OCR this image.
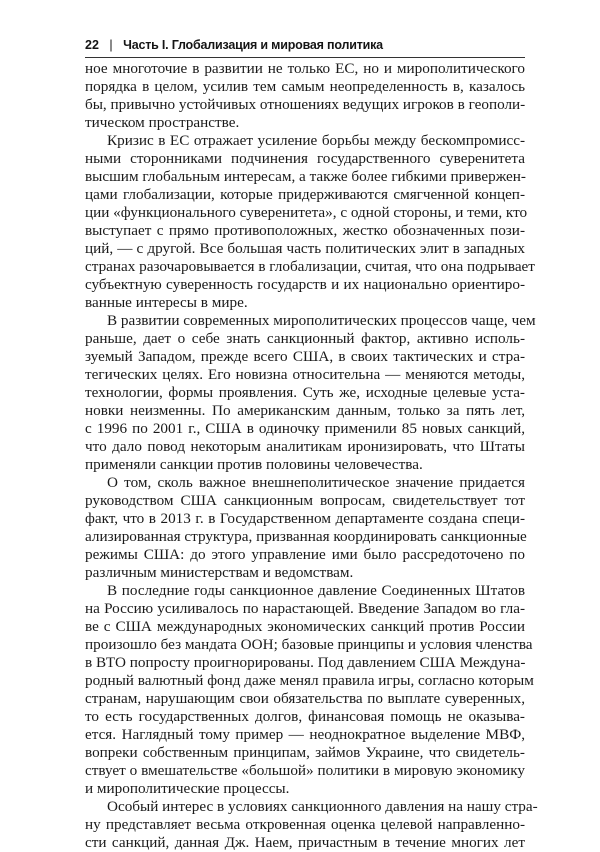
22 | Часть I. Глобализация и мировая политика

ное многоточие в развитии не только ЕС, но и мирополитического
порядка в целом, усилив тем самым неопределенность в, казалось
бы, привычно устойчивых отношениях ведущих игроков в геополи-
тическом пространстве.

Кризис в ЕС отражает усиление борьбы между бескомпромисс-
ными сторонниками подчинения государственного суверенитета
высшим глобальным интересам, а также более гибкими привержен-
цами глобализации, которые придерживаются смягченной концеп-
ции «функционального суверенитета», с одной стороны, и теми, кто
выступает с прямо противоположных, жестко обозначенных пози-
ций, — с другой. Все большая часть политических элит в западных
странах разочаровывается в глобализации, считая, что она подрывает
субъектную суверенность государств и их национально ориентиро-
ванные интересы в мире.

В развитии современных мирополитических процессов чаще, чем
раньше, дает о себе знать санкционный фактор, активно исполь-
зуемый Западом, прежде всего США, в своих тактических и стра-
тегических целях. Его новизна относительна — меняются методы,
технологии, формы проявления. Суть же, исходные целевые уста-
новки неизменны. По американским данным, только за пять лет,
с 1996 по 2001 г., США в одиночку применили 85 новых санкций,
что дало повод некоторым аналитикам иронизировать, что Штаты
применяли санкции против половины человечества.

О том, сколь важное внешнеполитическое значение придается
руководством США санкционным вопросам, свидетельствует тот
факт, что в 2013 г. в Государственном департаменте создана специ-
ализированная структура, призванная координировать санкционные
режимы США: до этого управление ими было рассредоточено по
различным министерствам и ведомствам.

В последние годы санкционное давление Соединенных Штатов
на Россию усиливалось по нарастающей. Введение Западом во гла-
ве с США международных экономических санкций против России
произошло без мандата ООН; базовые принципы и условия членства
в ВТО попросту проигнорированы. Под давлением США Междуна-
родный валютный фонд даже менял правила игры, согласно которым
странам, нарушающим свои обязательства по выплате суверенных,
то есть государственных долгов, финансовая помощь не оказыва-
ется. Наглядный тому пример — неоднократное выделение МВФ,
вопреки собственным принципам, займов Украине, что свидетель-
ствует о вмешательстве «большой» политики в мировую экономику
и мирополитические процессы.

Особый интерес в условиях санкционного давления на нашу стра-
ну представляет весьма откровенная оценка целевой направленно-
сти санкций, данная Дж. Наем, причастным в течение многих лет
